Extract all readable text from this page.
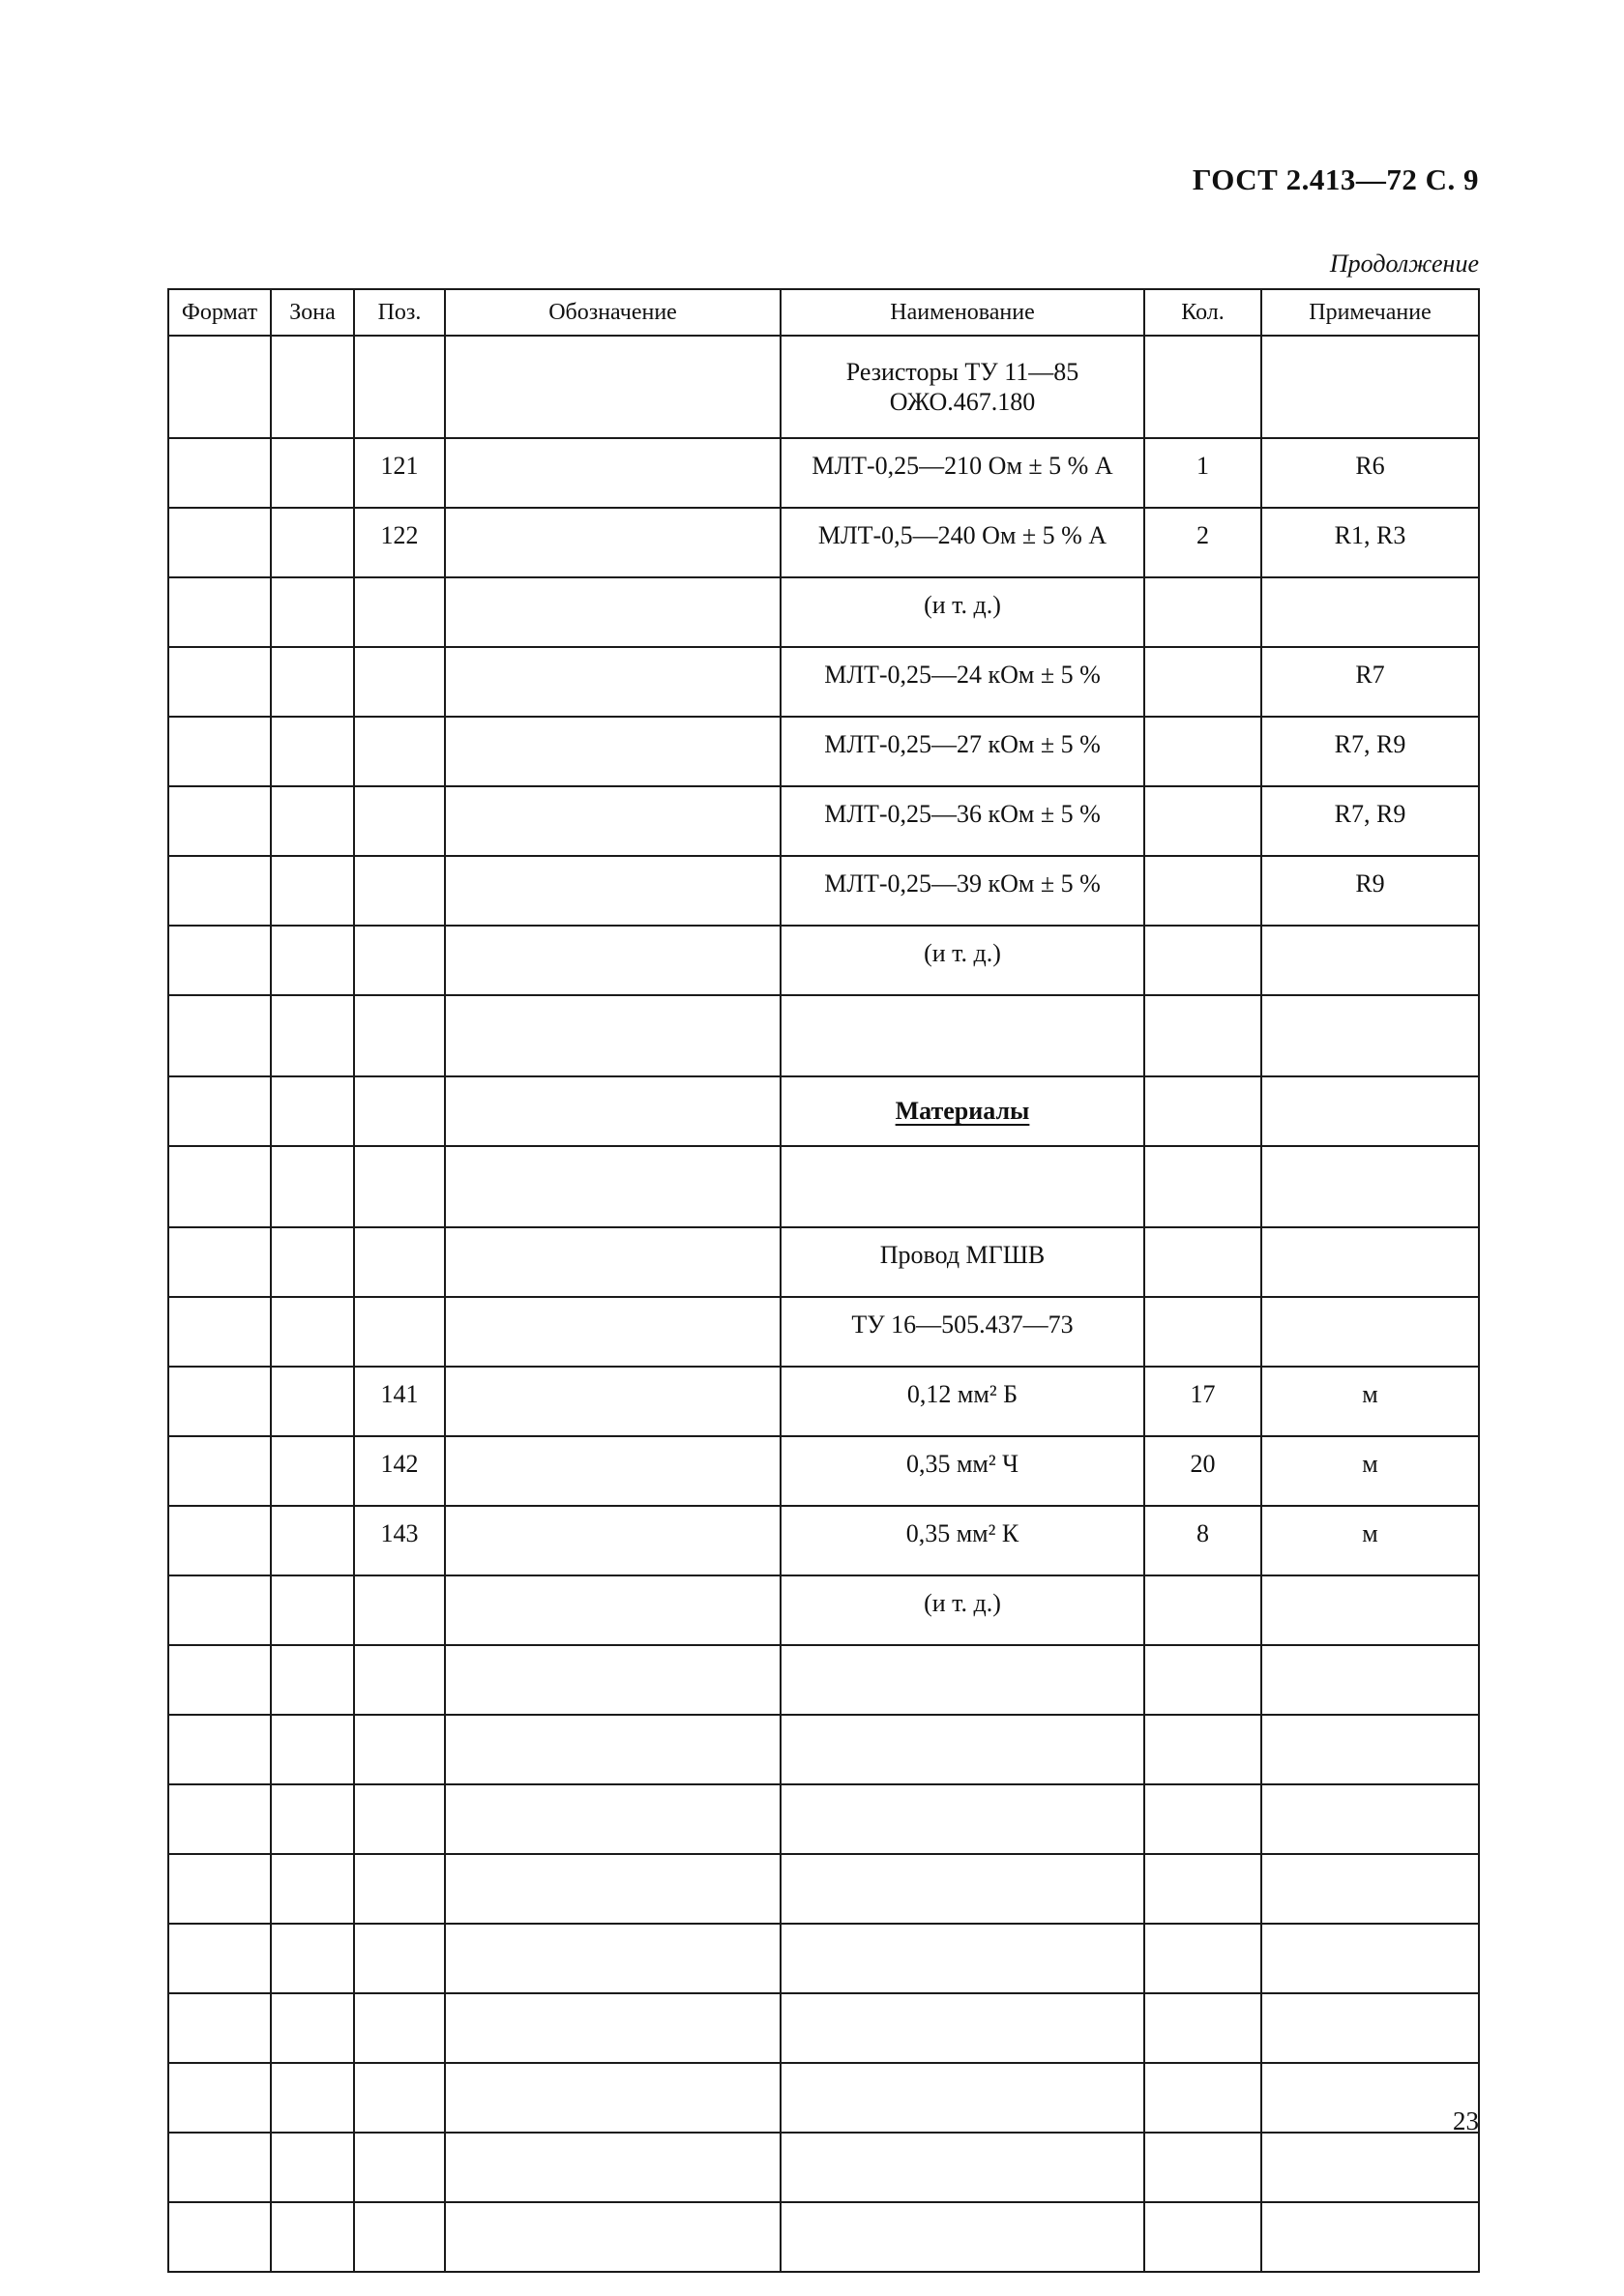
ГОСТ 2.413—72 С. 9
Продолжение
Формат	Зона	Поз.	Обозначение	Наименование	Кол.	Примечание
				Резисторы ТУ 11—85
ОЖО.467.180		
		121		МЛТ-0,25—210 Ом ± 5 % А	1	R6
		122		МЛТ-0,5—240 Ом ± 5 % А	2	R1, R3
				(и т. д.)		
				МЛТ-0,25—24 кОм ± 5 %		R7
				МЛТ-0,25—27 кОм ± 5 %		R7, R9
				МЛТ-0,25—36 кОм ± 5 %		R7, R9
				МЛТ-0,25—39 кОм ± 5 %		R9
				(и т. д.)		

				Материалы		

				Провод МГШВ		
				ТУ 16—505.437—73		
		141		0,12 мм² Б	17	м
		142		0,35 мм² Ч	20	м
		143		0,35 мм² К	8	м
				(и т. д.)		

23
